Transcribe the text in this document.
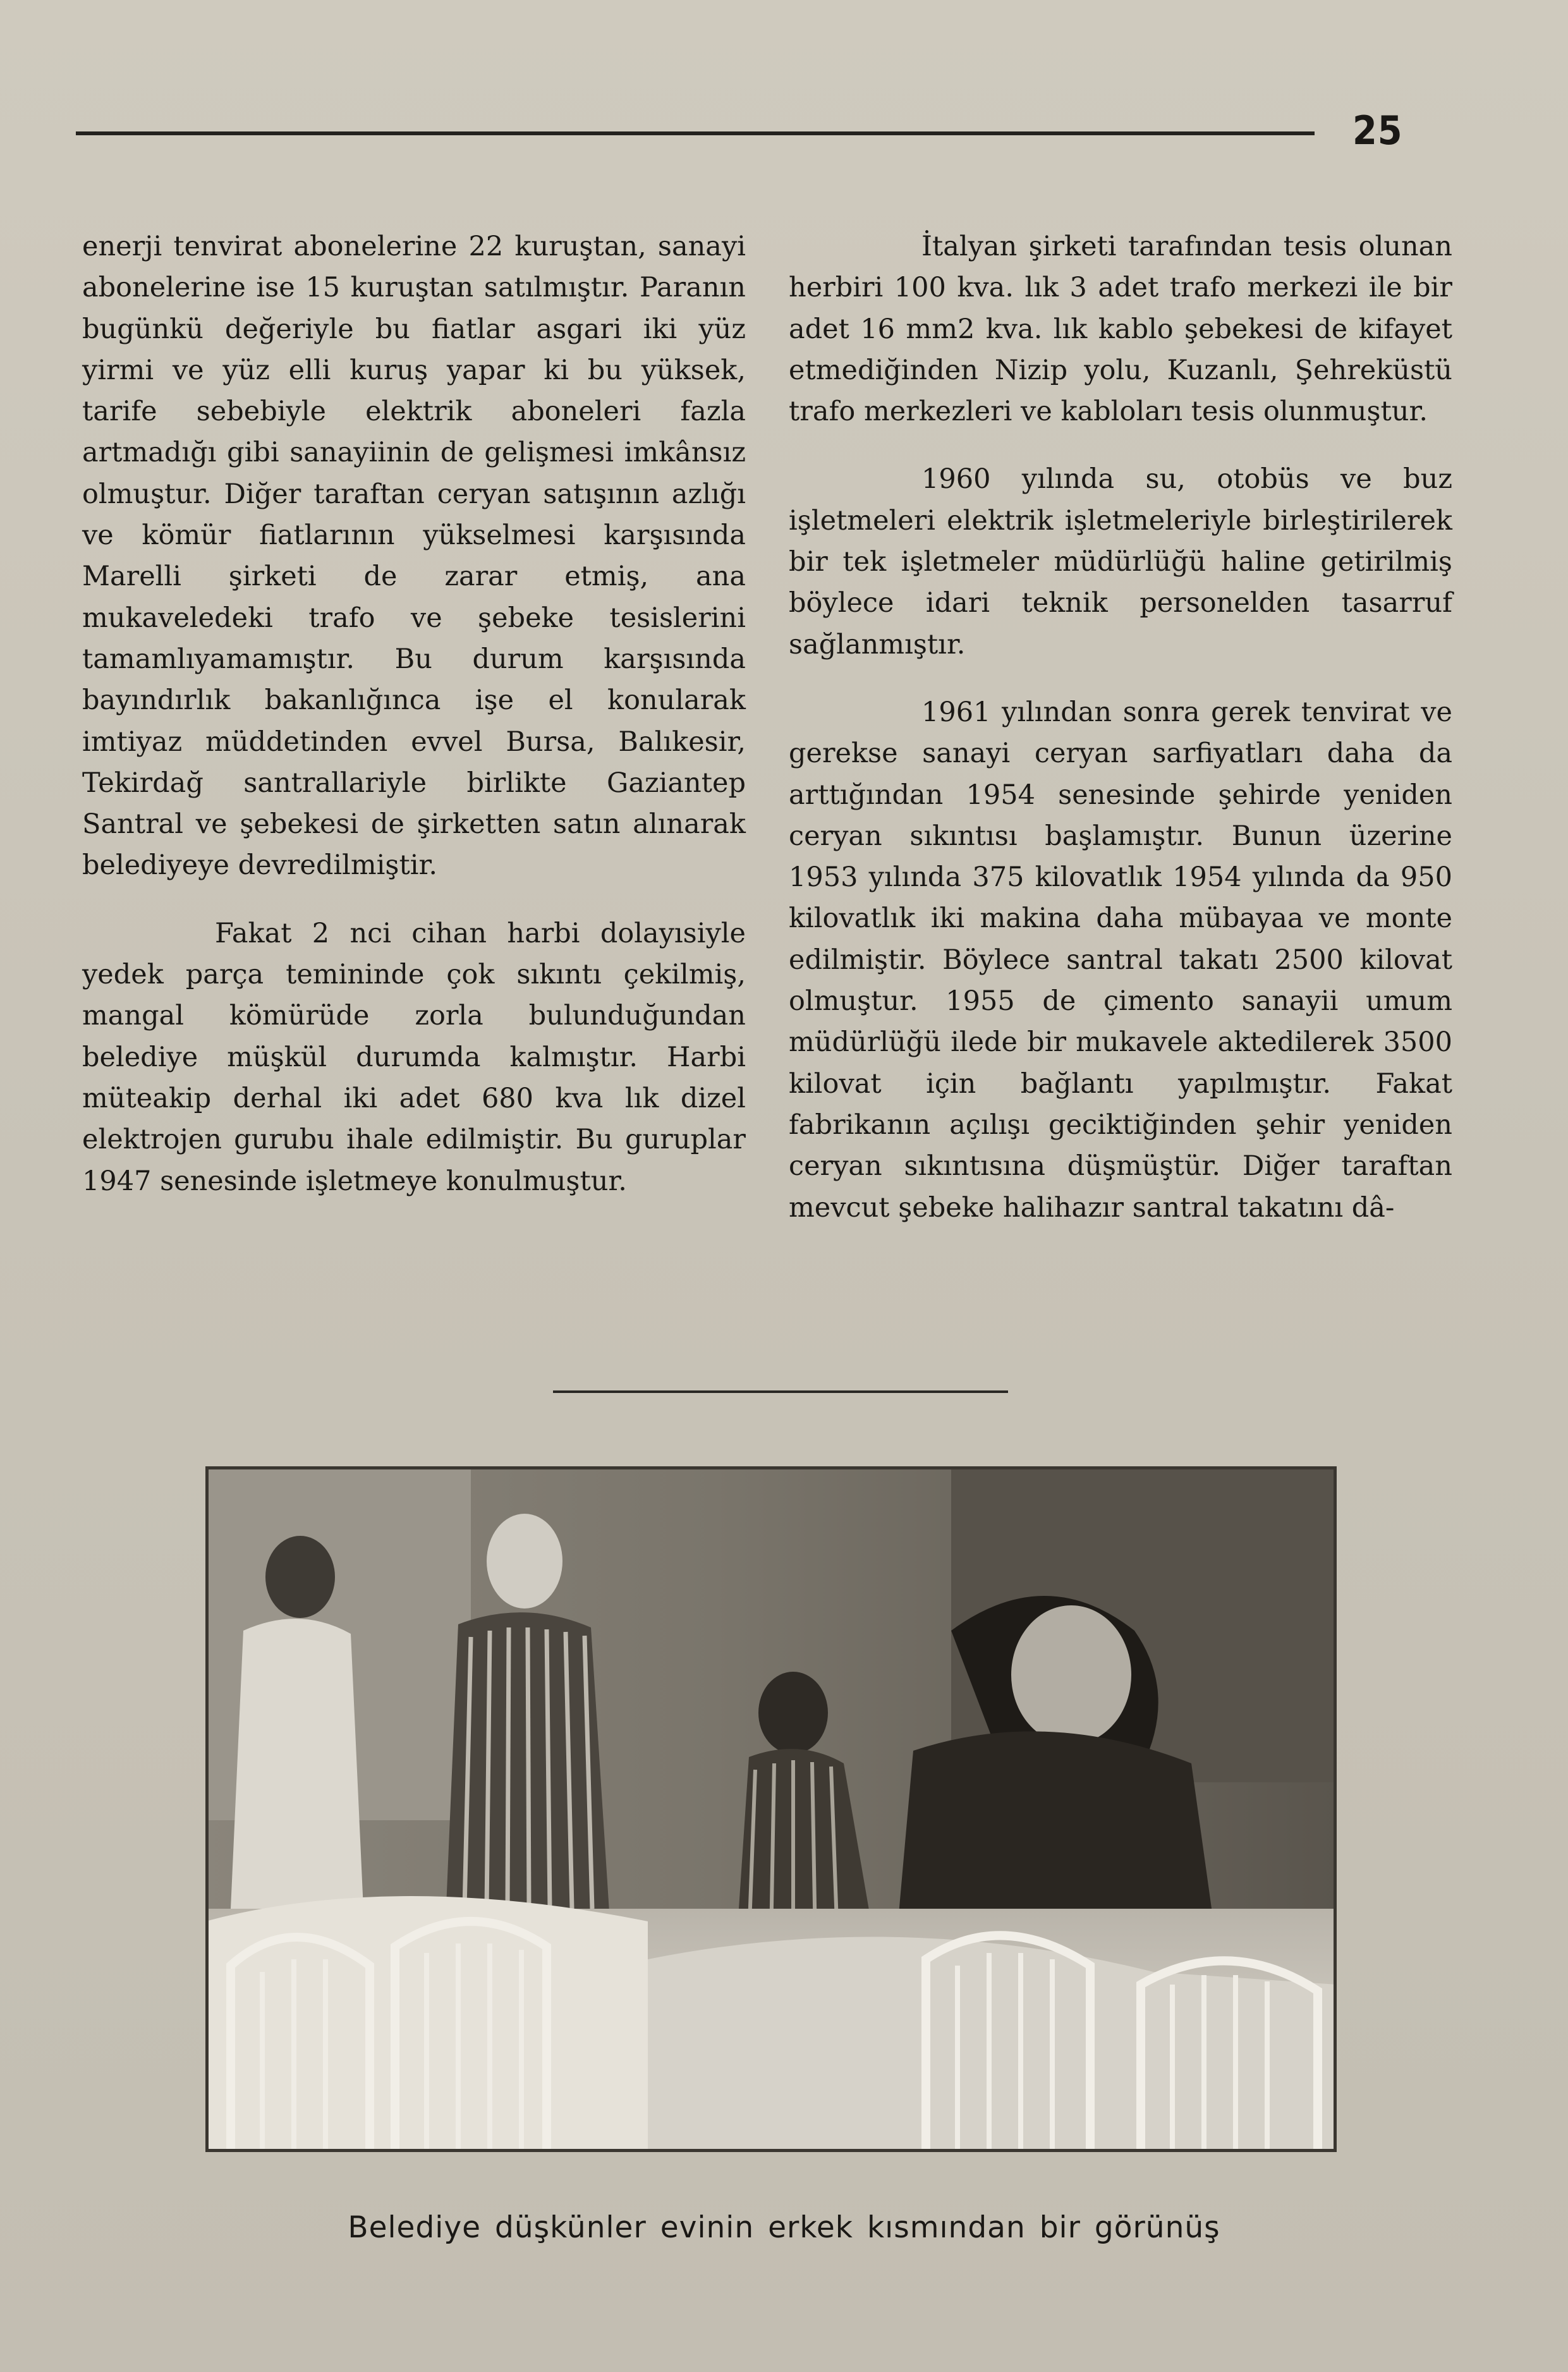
25

enerji tenvirat abonelerine 22 kuruştan, sanayi abonelerine ise 15 kuruştan satılmıştır. Paranın bugünkü değeriyle bu fiatlar asgari iki yüz yirmi ve yüz elli kuruş yapar ki bu yüksek, tarife sebebiyle elektrik aboneleri fazla artmadığı gibi sanayiinin de gelişmesi imkânsız olmuştur. Diğer taraftan ceryan satışının azlığı ve kömür fiatlarının yükselmesi karşısında Marelli şirketi de zarar etmiş, ana mukaveledeki trafo ve şebeke tesislerini tamamlıyamamıştır. Bu durum karşısında bayındırlık bakanlığınca işe el konularak imtiyaz müddetinden evvel Bursa, Balıkesir, Tekirdağ santrallariyle birlikte Gaziantep Santral ve şebekesi de şirketten satın alınarak belediyeye devredilmiştir.

Fakat 2 nci cihan harbi dolayısiyle yedek parça temininde çok sıkıntı çekilmiş, mangal kömürüde zorla bulunduğundan belediye müşkül durumda kalmıştır. Harbi müteakip derhal iki adet 680 kva lık dizel elektrojen gurubu ihale edilmiştir. Bu guruplar 1947 senesinde işletmeye konulmuştur.

İtalyan şirketi tarafından tesis olunan herbiri 100 kva. lık 3 adet trafo merkezi ile bir adet 16 mm2 kva. lık kablo şebekesi de kifayet etmediğinden Nizip yolu, Kuzanlı, Şehreküstü trafo merkezleri ve kabloları tesis olunmuştur.

1960 yılında su, otobüs ve buz işletmeleri elektrik işletmeleriyle birleştirilerek bir tek işletmeler müdürlüğü haline getirilmiş böylece idari teknik personelden tasarruf sağlanmıştır.

1961 yılından sonra gerek tenvirat ve gerekse sanayi ceryan sarfiyatları daha da arttığından 1954 senesinde şehirde yeniden ceryan sıkıntısı başlamıştır. Bunun üzerine 1953 yılında 375 kilovatlık 1954 yılında da 950 kilovatlık iki makina daha mübayaa ve monte edilmiştir. Böylece santral takatı 2500 kilovat olmuştur. 1955 de çimento sanayii umum müdürlüğü ilede bir mukavele aktedilerek 3500 kilovat için bağlantı yapılmıştır. Fakat fabrikanın açılışı geciktiğinden şehir yeniden ceryan sıkıntısına düşmüştür. Diğer taraftan mevcut şebeke halihazır santral takatını dâ-

Belediye düşkünler evinin erkek kısmından bir görünüş
